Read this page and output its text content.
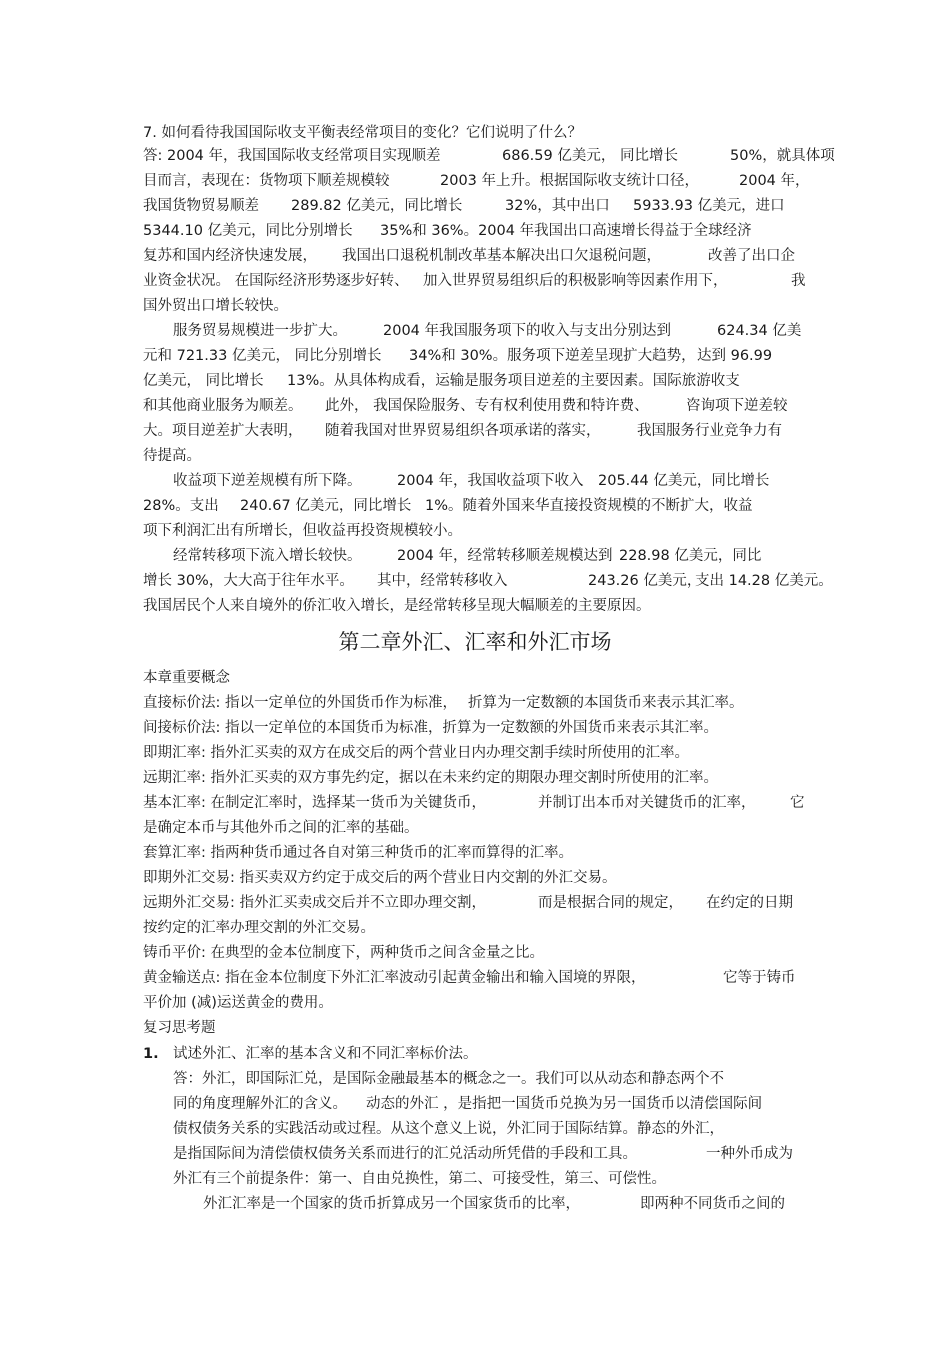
7. 如何看待我国国际收支平衡表经常项目的变化？它们说明了什么？
答: 2004 年，我国国际收支经常项目实现顺差	686.59 亿美元， 同比增长	50%，就具体项
目而言，表现在：货物项下顺差规模较	2003 年上升。根据国际收支统计口径，	2004 年，
我国货物贸易顺差 289.82 亿美元，同比增长	32%，其中出口 5933.93 亿美元，进口
5344.10 亿美元，同比分别增长 35%和 36%。2004 年我国出口高速增长得益于全球经济
复苏和国内经济快速发展， 我国出口退税机制改革基本解决出口欠退税问题，	改善了出口企
业资金状况。 在国际经济形势逐步好转、 加入世界贸易组织后的积极影响等因素作用下，	我
国外贸出口增长较快。
服务贸易规模进一步扩大。 2004 年我国服务项下的收入与支出分别达到	624.34 亿美
元和 721.33 亿美元， 同比分别增长 34%和 30%。服务项下逆差呈现扩大趋势， 达到 96.99
亿美元， 同比增长 13%。从具体构成看，运输是服务项目逆差的主要因素。国际旅游收支
和其他商业服务为顺差。 此外， 我国保险服务、专有权利使用费和特许费、	咨询项下逆差较
大。项目逆差扩大表明， 随着我国对世界贸易组织各项承诺的落实，	我国服务行业竞争力有
待提高。
收益项下逆差规模有所下降。 2004 年，我国收益项下收入 205.44 亿美元，同比增长
28%。支出 240.67 亿美元，同比增长 1%。随着外国来华直接投资规模的不断扩大，收益
项下利润汇出有所增长，但收益再投资规模较小。
经常转移项下流入增长较快。 2004 年，经常转移顺差规模达到 228.98 亿美元，同比
增长 30%，大大高于往年水平。 其中，经常转移收入	243.26 亿美元，
支出 14.28 亿美元。
我国居民个人来自境外的侨汇收入增长，是经常转移呈现大幅顺差的主要原因。
第二章外汇、汇率和外汇市场
本章重要概念
直接标价法: 指以一定单位的外国货币作为标准， 折算为一定数额的本国货币来表示其汇率。
间接标价法: 指以一定单位的本国货币为标准，折算为一定数额的外国货币来表示其汇率。
即期汇率: 指外汇买卖的双方在成交后的两个营业日内办理交割手续时所使用的汇率。
远期汇率: 指外汇买卖的双方事先约定，据以在未来约定的期限办理交割时所使用的汇率。
基本汇率: 在制定汇率时，选择某一货币为关键货币，	并制订出本币对关键货币的汇率， 它
是确定本币与其他外币之间的汇率的基础。
套算汇率: 指两种货币通过各自对第三种货币的汇率而算得的汇率。
即期外汇交易: 指买卖双方约定于成交后的两个营业日内交割的外汇交易。
远期外汇交易: 指外汇买卖成交后并不立即办理交割，	而是根据合同的规定， 在约定的日期
按约定的汇率办理交割的外汇交易。
铸币平价: 在典型的金本位制度下，两种货币之间含金量之比。
黄金输送点: 指在金本位制度下外汇汇率波动引起黄金输出和输入国境的界限，	它等于铸币
平价加 (减)运送黄金的费用。
复习思考题
1. 试述外汇、汇率的基本含义和不同汇率标价法。
答：外汇，即国际汇兑，是国际金融最基本的概念之一。我们可以从动态和静态两个不
同的角度理解外汇的含义。 动态的外汇 ，是指把一国货币兑换为另一国货币以清偿国际间
债权债务关系的实践活动或过程。从这个意义上说，外汇同于国际结算。静态的外汇，
是指国际间为清偿债权债务关系而进行的汇兑活动所凭借的手段和工具。	一种外币成为
外汇有三个前提条件：第一、自由兑换性，第二、可接受性，第三、可偿性。
外汇汇率是一个国家的货币折算成另一个国家货币的比率，	即两种不同货币之间的
